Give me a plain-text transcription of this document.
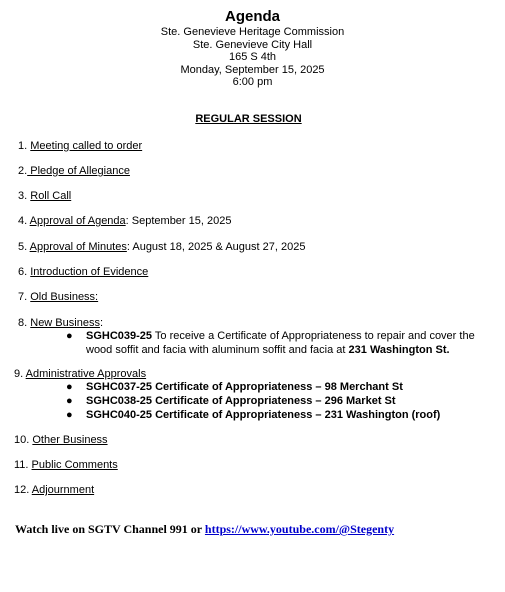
Agenda
Ste. Genevieve Heritage Commission
Ste. Genevieve City Hall
165 S 4th
Monday, September 15, 2025
6:00 pm
REGULAR SESSION
1. Meeting called to order
2. Pledge of Allegiance
3. Roll Call
4. Approval of Agenda: September 15, 2025
5. Approval of Minutes: August 18, 2025 & August 27, 2025
6. Introduction of Evidence
7. Old Business:
8. New Business:
● SGHC039-25 To receive a Certificate of Appropriateness to repair and cover the
wood soffit and facia with aluminum soffit and facia at 231 Washington St.
9. Administrative Approvals
● SGHC037-25 Certificate of Appropriateness – 98 Merchant St
● SGHC038-25 Certificate of Appropriateness – 296 Market St
● SGHC040-25 Certificate of Appropriateness – 231 Washington (roof)
10. Other Business
11. Public Comments
12. Adjournment
Watch live on SGTV Channel 991 or https://www.youtube.com/@Stegenty
